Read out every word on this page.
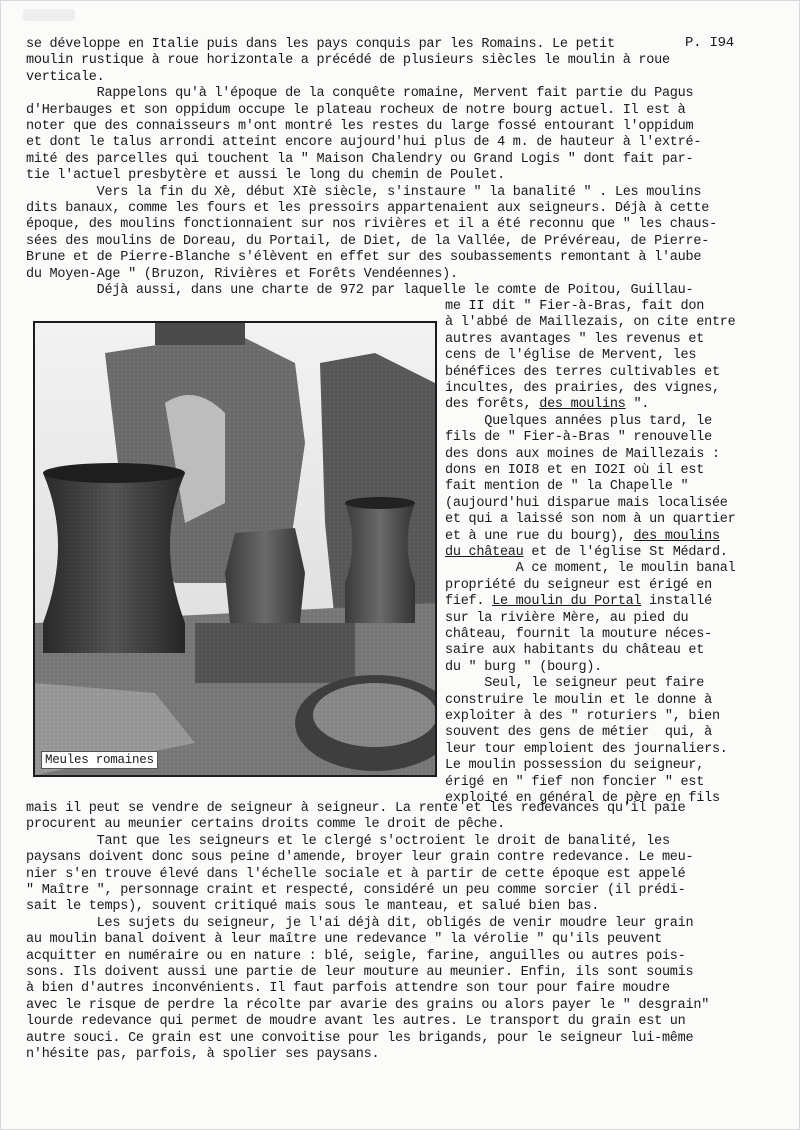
P. I94
se développe en Italie puis dans les pays conquis par les Romains. Le petit
moulin rustique à roue horizontale a précédé de plusieurs siècles le moulin à roue
verticale.
Rappelons qu'à l'époque de la conquête romaine, Mervent fait partie du Pagus
d'Herbauges et son oppidum occupe le plateau rocheux de notre bourg actuel. Il est à
noter que des connaisseurs m'ont montré les restes du large fossé entourant l'oppidum
et dont le talus arrondi atteint encore aujourd'hui plus de 4 m. de hauteur à l'extré-
mité des parcelles qui touchent la " Maison Chalendry ou Grand Logis " dont fait par-
tie l'actuel presbytère et aussi le long du chemin de Poulet.
Vers la fin du Xè, début XIè siècle, s'instaure " la banalité " . Les moulins
dits banaux, comme les fours et les pressoirs appartenaient aux seigneurs. Déjà à cette
époque, des moulins fonctionnaient sur nos rivières et il a été reconnu que " les chaus-
sées des moulins de Doreau, du Portail, de Diet, de la Vallée, de Prévéreau, de Pierre-
Brune et de Pierre-Blanche s'élèvent en effet sur des soubassements remontant à l'aube
du Moyen-Age " (Bruzon, Rivières et Forêts Vendéennes).
Déjà aussi, dans une charte de 972 par laquelle le comte de Poitou, Guillau-
Meules romaines
me II dit " Fier-à-Bras, fait don
à l'abbé de Maillezais, on cite entre
autres avantages " les revenus et
cens de l'église de Mervent, les
bénéfices des terres cultivables et
incultes, des prairies, des vignes,
des forêts, des moulins ".
Quelques années plus tard, le
fils de " Fier-à-Bras " renouvelle
des dons aux moines de Maillezais :
dons en IOI8 et en IO2I où il est
fait mention de " la Chapelle "
(aujourd'hui disparue mais localisée
et qui a laissé son nom à un quartier
et à une rue du bourg), des moulins
du château et de l'église St Médard.
A ce moment, le moulin banal
propriété du seigneur est érigé en
fief. Le moulin du Portal installé
sur la rivière Mère, au pied du
château, fournit la mouture néces-
saire aux habitants du château et
du " burg " (bourg).
Seul, le seigneur peut faire
construire le moulin et le donne à
exploiter à des " roturiers ", bien
souvent des gens de métier  qui, à
leur tour emploient des journaliers.
Le moulin possession du seigneur,
érigé en " fief non foncier " est
exploité en général de père en fils
mais il peut se vendre de seigneur à seigneur. La rente et les redevances qu'il paie
procurent au meunier certains droits comme le droit de pêche.
Tant que les seigneurs et le clergé s'octroient le droit de banalité, les
paysans doivent donc sous peine d'amende, broyer leur grain contre redevance. Le meu-
nier s'en trouve élevé dans l'échelle sociale et à partir de cette époque est appelé
" Maître ", personnage craint et respecté, considéré un peu comme sorcier (il prédi-
sait le temps), souvent critiqué mais sous le manteau, et salué bien bas.
Les sujets du seigneur, je l'ai déjà dit, obligés de venir moudre leur grain
au moulin banal doivent à leur maître une redevance " la vérolie " qu'ils peuvent
acquitter en numéraire ou en nature : blé, seigle, farine, anguilles ou autres pois-
sons. Ils doivent aussi une partie de leur mouture au meunier. Enfin, ils sont soumis
à bien d'autres inconvénients. Il faut parfois attendre son tour pour faire moudre
avec le risque de perdre la récolte par avarie des grains ou alors payer le " desgrain"
lourde redevance qui permet de moudre avant les autres. Le transport du grain est un
autre souci. Ce grain est une convoitise pour les brigands, pour le seigneur lui-même
n'hésite pas, parfois, à spolier ses paysans.
